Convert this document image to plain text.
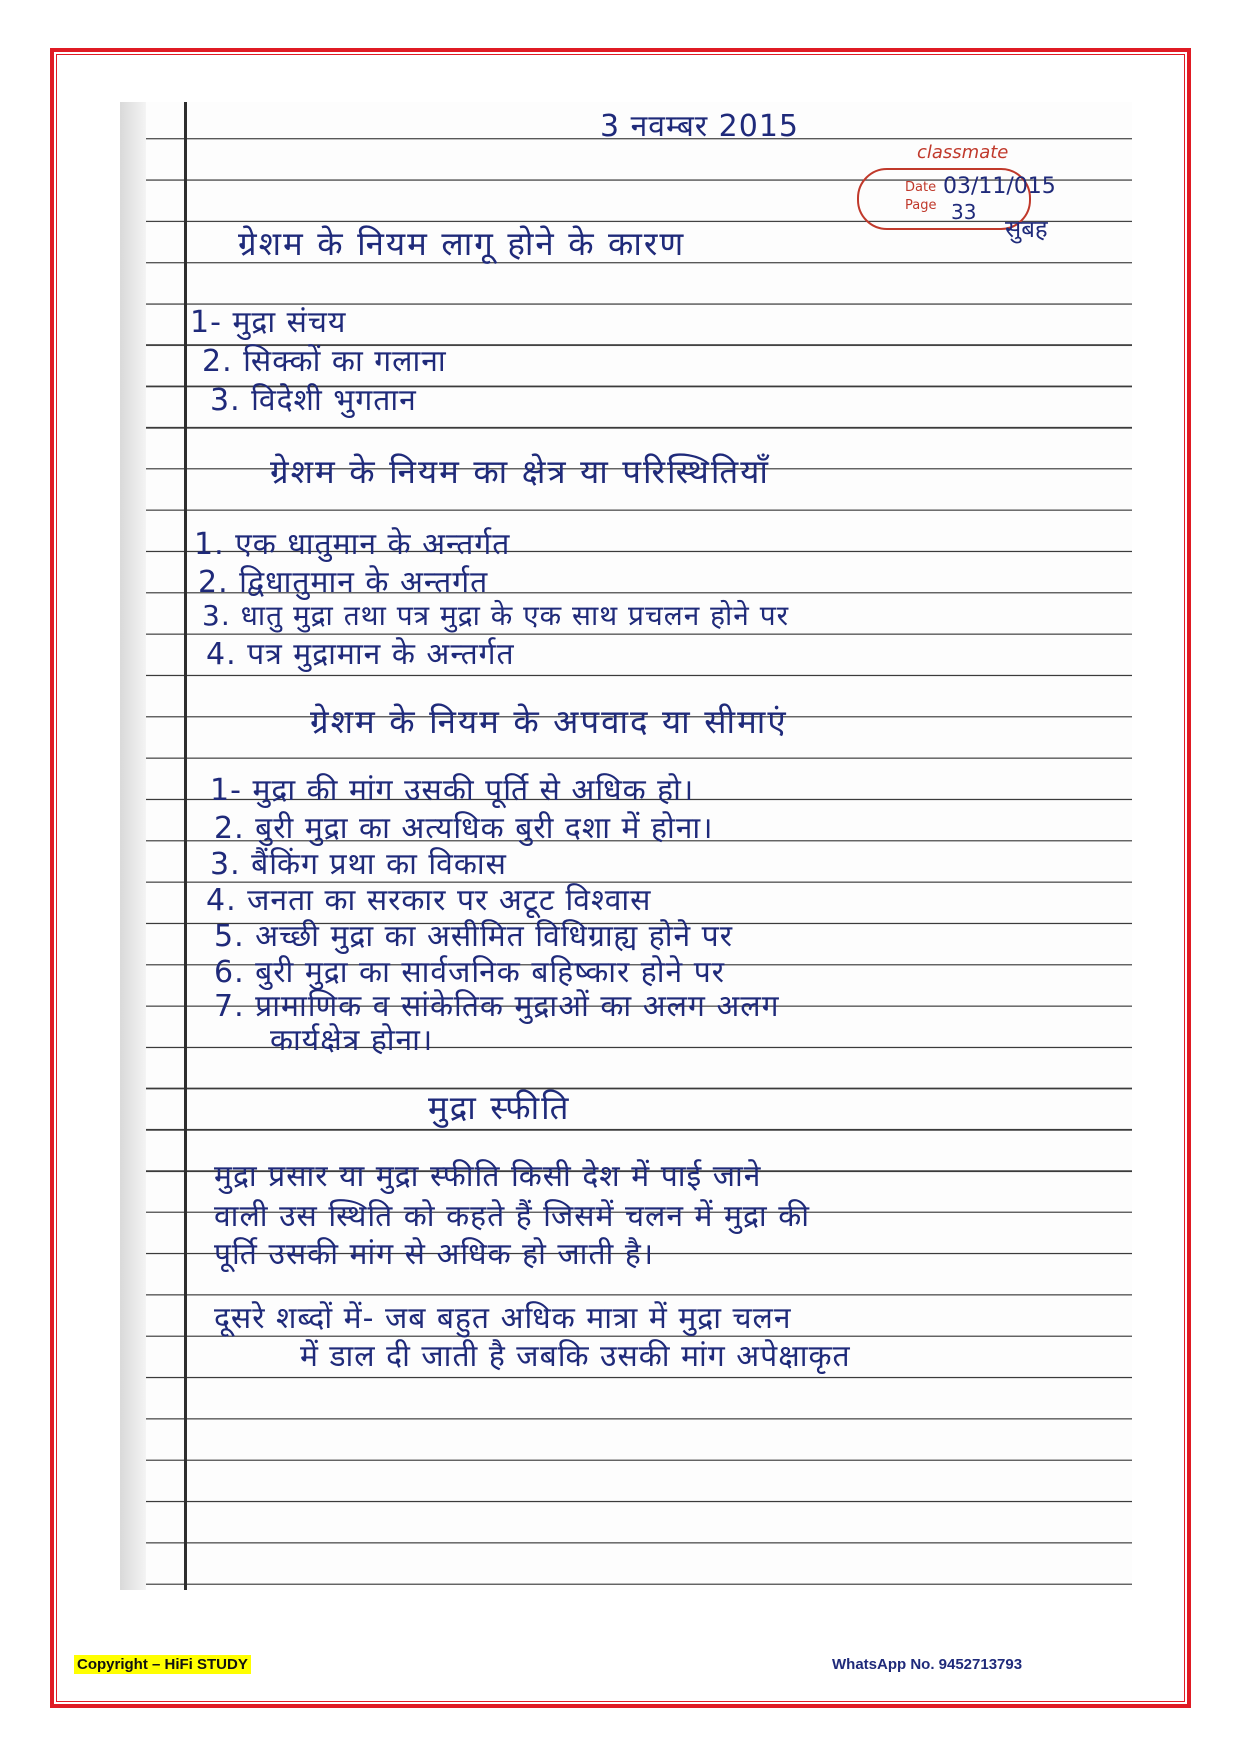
3 नवम्बर 2015
ग्रेशम के नियम लागू होने के कारण
1- मुद्रा संचय
2. सिक्कों का गलाना
3. विदेशी भुगतान
ग्रेशम के नियम का क्षेत्र या परिस्थितियाँ
1. एक धातुमान के अन्तर्गत
2. द्विधातुमान के अन्तर्गत
3. धातु मुद्रा तथा पत्र मुद्रा के एक साथ प्रचलन होने पर
4. पत्र मुद्रामान के अन्तर्गत
ग्रेशम के नियम के अपवाद या सीमाएं
1- मुद्रा की मांग उसकी पूर्ति से अधिक हो।
2. बुरी मुद्रा का अत्यधिक बुरी दशा में होना।
3. बैंकिंग प्रथा का विकास
4. जनता का सरकार पर अटूट विश्वास
5. अच्छी मुद्रा का असीमित विधिग्राह्य होने पर
6. बुरी मुद्रा का सार्वजनिक बहिष्कार होने पर
7. प्रामाणिक व सांकेतिक मुद्राओं का अलग अलग
कार्यक्षेत्र होना।
मुद्रा स्फीति
मुद्रा प्रसार या मुद्रा स्फीति किसी देश में पाई जाने
वाली उस स्थिति को कहते हैं जिसमें चलन में मुद्रा की
पूर्ति उसकी मांग से अधिक हो जाती है।
दूसरे शब्दों में- जब बहुत अधिक मात्रा में मुद्रा चलन
में डाल दी जाती है जबकि उसकी मांग अपेक्षाकृत
classmate
Date
Page
03/11/015
33
सुबह
Copyright – HiFi STUDY	WhatsApp No. 9452713793
